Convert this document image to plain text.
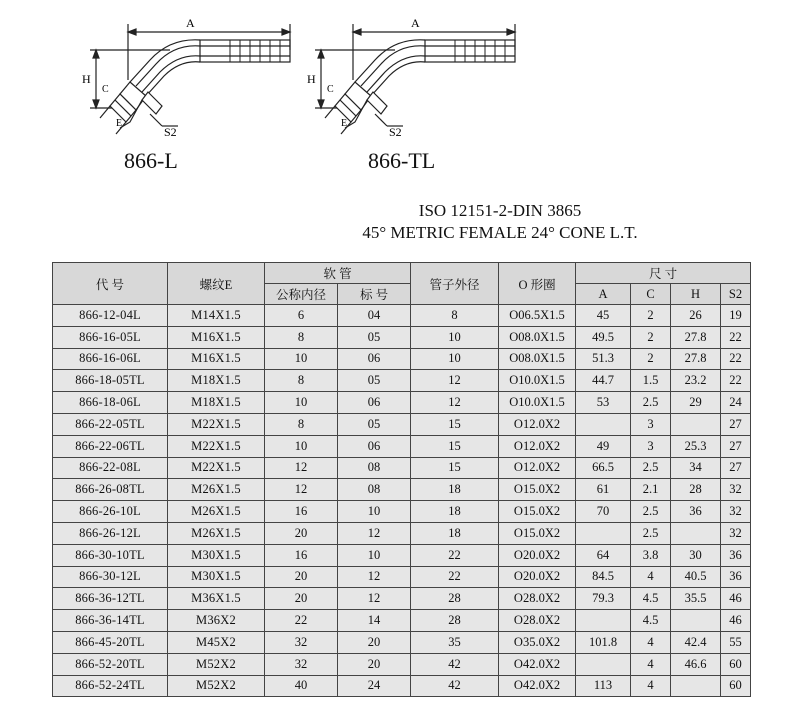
A
H
C
E
S2
866-L
A
H
C
E
S2
866-TL
ISO 12151-2-DIN 3865
45° METRIC FEMALE 24° CONE L.T.
代 号	螺纹E	软 管		管子外径	O 形圈	尺 寸			
		公称内径	标 号			A	C	H	S2
866-12-04L	M14X1.5	6	04	8	O06.5X1.5	45	2	26	19
866-16-05L	M16X1.5	8	05	10	O08.0X1.5	49.5	2	27.8	22
866-16-06L	M16X1.5	10	06	10	O08.0X1.5	51.3	2	27.8	22
866-18-05TL	M18X1.5	8	05	12	O10.0X1.5	44.7	1.5	23.2	22
866-18-06L	M18X1.5	10	06	12	O10.0X1.5	53	2.5	29	24
866-22-05TL	M22X1.5	8	05	15	O12.0X2		3		27
866-22-06TL	M22X1.5	10	06	15	O12.0X2	49	3	25.3	27
866-22-08L	M22X1.5	12	08	15	O12.0X2	66.5	2.5	34	27
866-26-08TL	M26X1.5	12	08	18	O15.0X2	61	2.1	28	32
866-26-10L	M26X1.5	16	10	18	O15.0X2	70	2.5	36	32
866-26-12L	M26X1.5	20	12	18	O15.0X2		2.5		32
866-30-10TL	M30X1.5	16	10	22	O20.0X2	64	3.8	30	36
866-30-12L	M30X1.5	20	12	22	O20.0X2	84.5	4	40.5	36
866-36-12TL	M36X1.5	20	12	28	O28.0X2	79.3	4.5	35.5	46
866-36-14TL	M36X2	22	14	28	O28.0X2		4.5		46
866-45-20TL	M45X2	32	20	35	O35.0X2	101.8	4	42.4	55
866-52-20TL	M52X2	32	20	42	O42.0X2		4	46.6	60
866-52-24TL	M52X2	40	24	42	O42.0X2	113	4		60
